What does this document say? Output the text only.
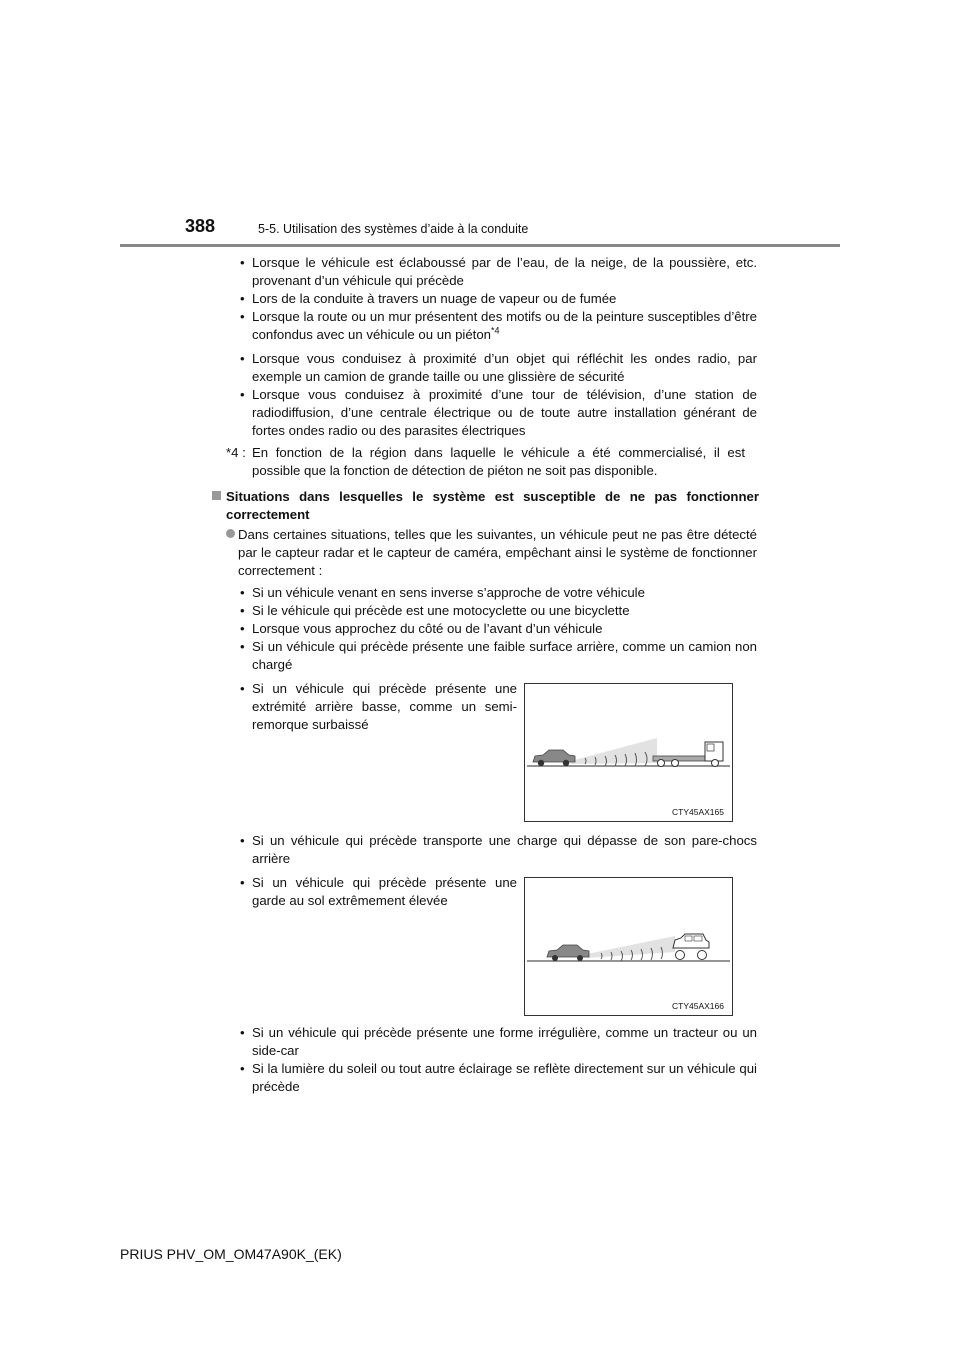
388	5-5. Utilisation des systèmes d’aide à la conduite
• Lorsque le véhicule est éclaboussé par de l’eau, de la neige, de la poussière, etc. provenant d’un véhicule qui précède
• Lors de la conduite à travers un nuage de vapeur ou de fumée
• Lorsque la route ou un mur présentent des motifs ou de la peinture susceptibles d’être confondus avec un véhicule ou un piéton$^{*4}$
• Lorsque vous conduisez à proximité d’un objet qui réfléchit les ondes radio, par exemple un camion de grande taille ou une glissière de sécurité
• Lorsque vous conduisez à proximité d’une tour de télévision, d’une station de radiodiffusion, d’une centrale électrique ou de toute autre installation générant de fortes ondes radio ou des parasites électriques
*4 : En fonction de la région dans laquelle le véhicule a été commercialisé, il est possible que la fonction de détection de piéton ne soit pas disponible.
Situations dans lesquelles le système est susceptible de ne pas fonctionner correctement
Dans certaines situations, telles que les suivantes, un véhicule peut ne pas être détecté par le capteur radar et le capteur de caméra, empêchant ainsi le système de fonctionner correctement :
• Si un véhicule venant en sens inverse s’approche de votre véhicule
• Si le véhicule qui précède est une motocyclette ou une bicyclette
• Lorsque vous approchez du côté ou de l’avant d’un véhicule
• Si un véhicule qui précède présente une faible surface arrière, comme un camion non chargé
• Si un véhicule qui précède présente une extrémité arrière basse, comme un semi-remorque surbaissé
CTY45AX165
• Si un véhicule qui précède transporte une charge qui dépasse de son pare-chocs arrière
• Si un véhicule qui précède présente une garde au sol extrêmement élevée
CTY45AX166
• Si un véhicule qui précède présente une forme irrégulière, comme un tracteur ou un side-car
• Si la lumière du soleil ou tout autre éclairage se reflète directement sur un véhicule qui précède
PRIUS PHV_OM_OM47A90K_(EK)
